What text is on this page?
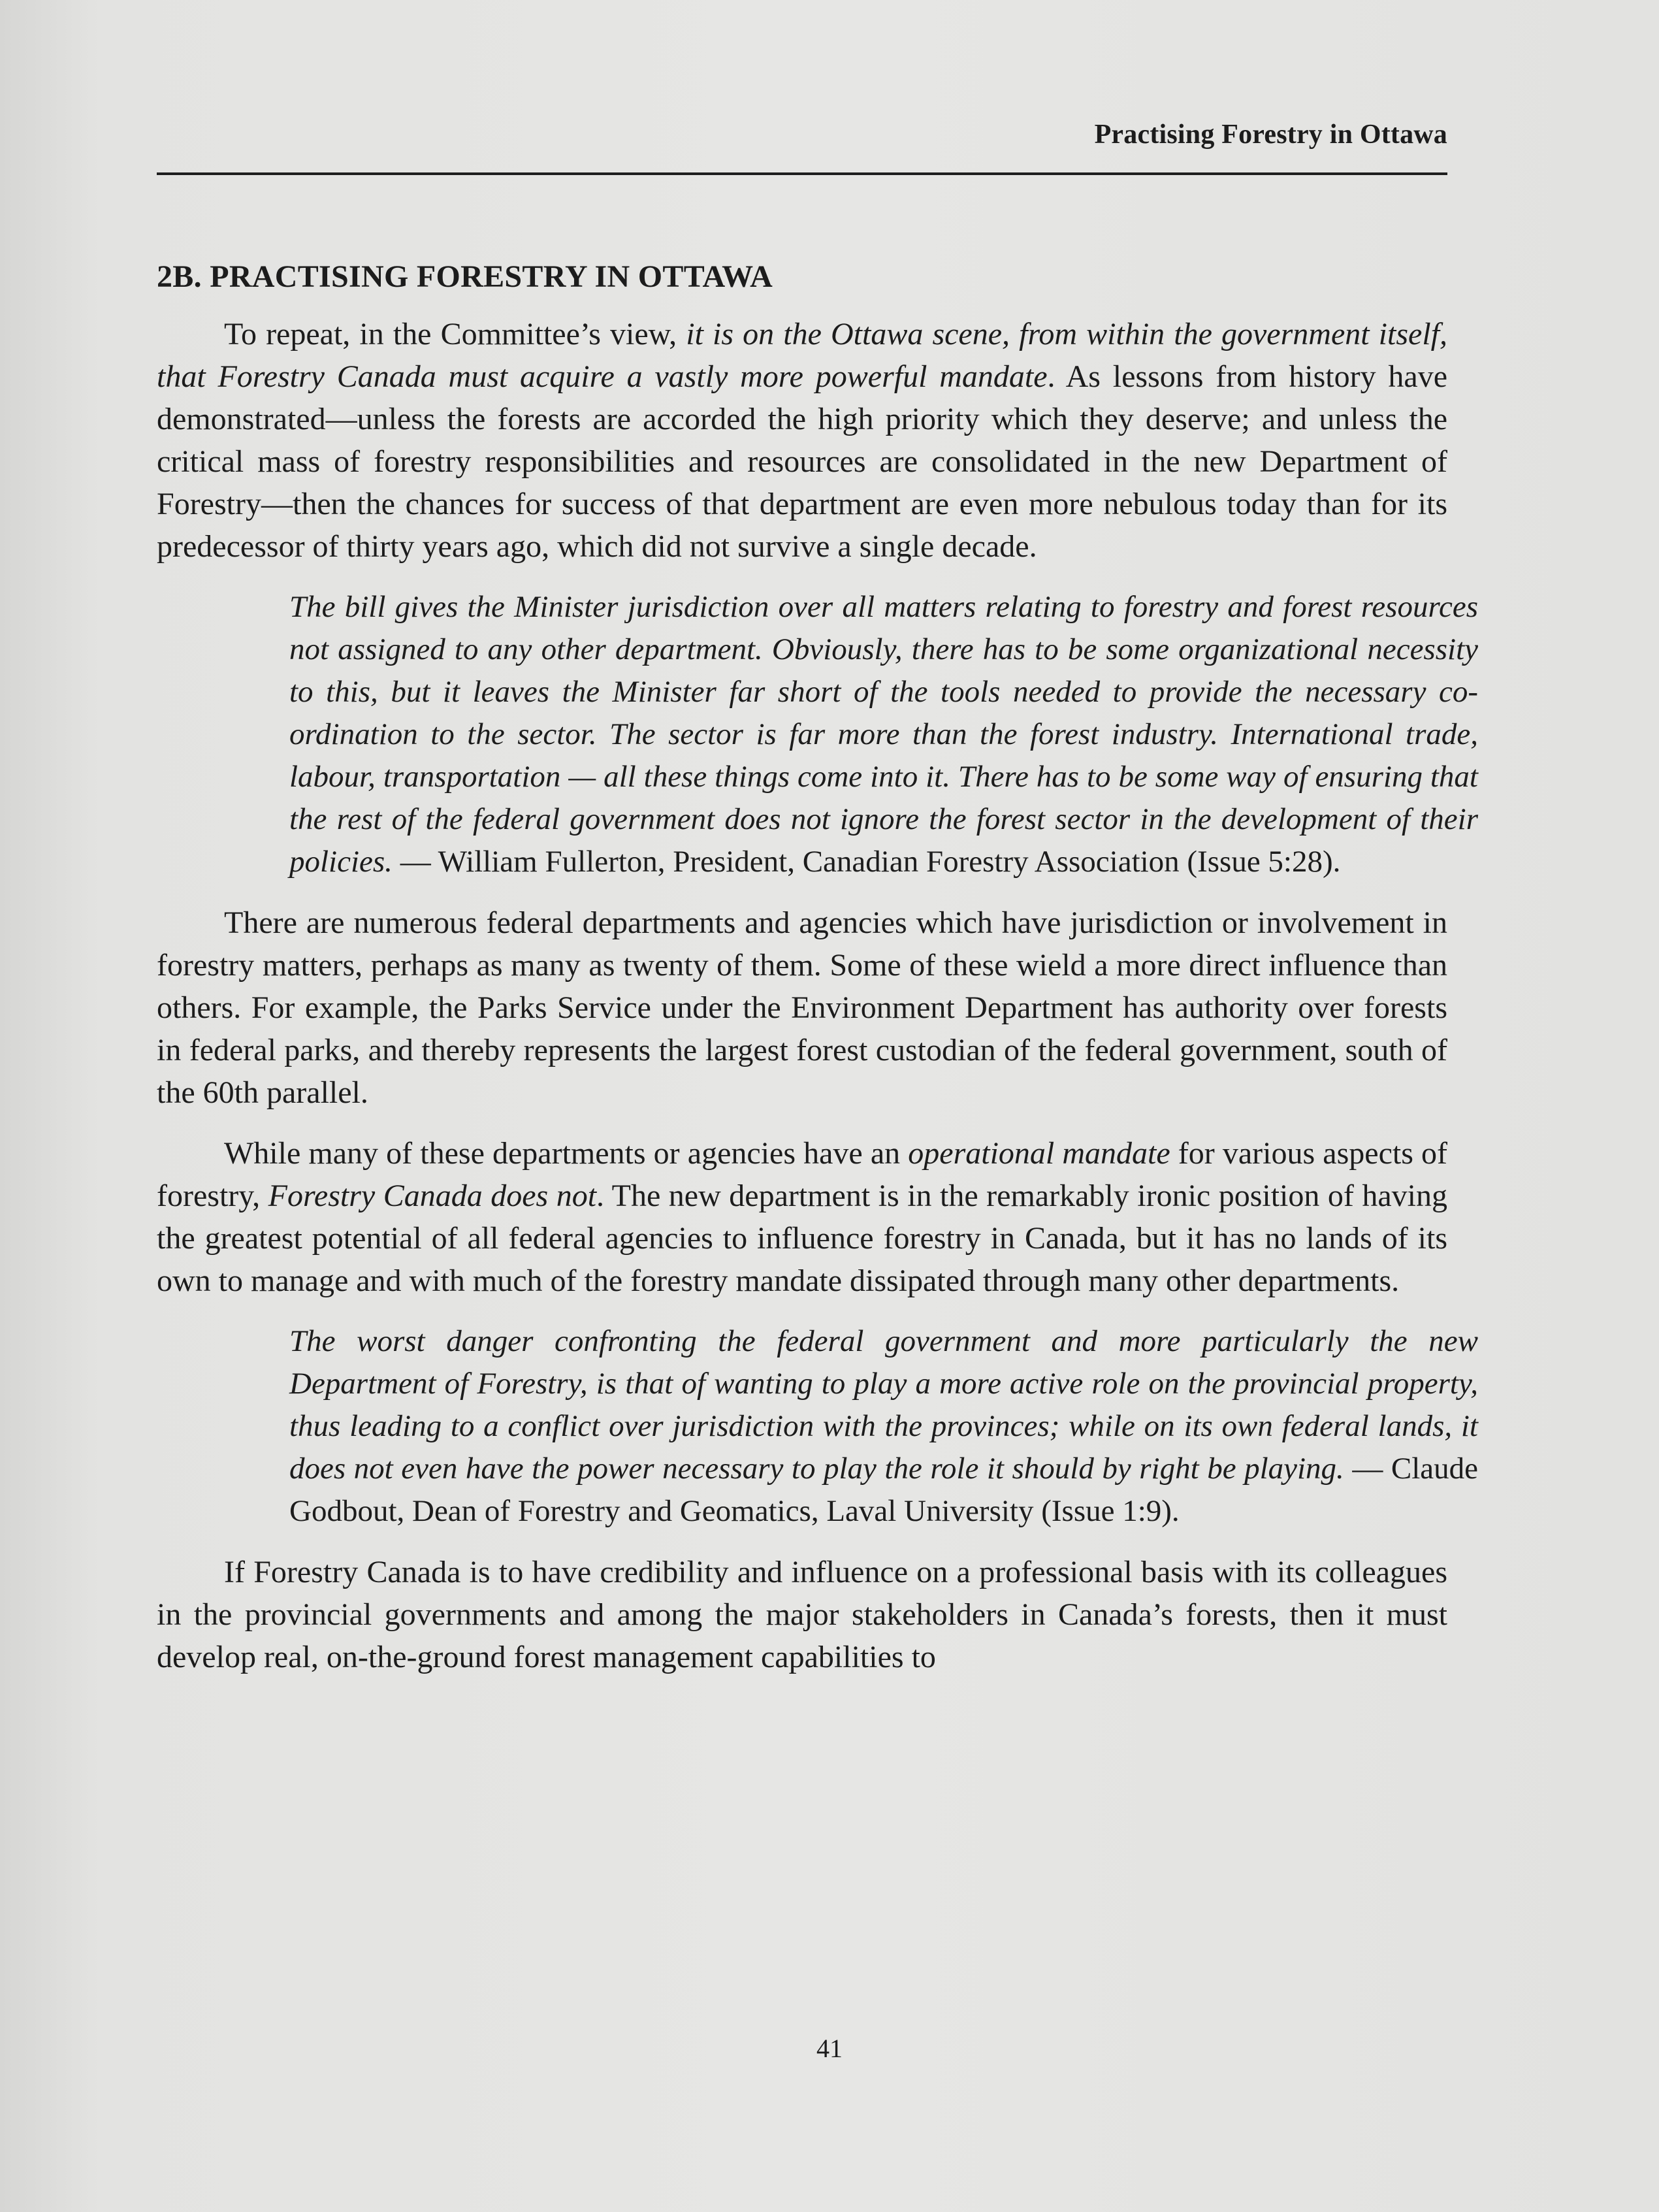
Practising Forestry in Ottawa
2B. PRACTISING FORESTRY IN OTTAWA

To repeat, in the Committee’s view, it is on the Ottawa scene, from within the government itself, that Forestry Canada must acquire a vastly more powerful mandate. As lessons from history have demonstrated—unless the forests are accorded the high priority which they deserve; and unless the critical mass of forestry responsibilities and resources are consolidated in the new Department of Forestry—then the chances for success of that department are even more nebulous today than for its predecessor of thirty years ago, which did not survive a single decade.

The bill gives the Minister jurisdiction over all matters relating to forestry and forest resources not assigned to any other department. Obviously, there has to be some organizational necessity to this, but it leaves the Minister far short of the tools needed to provide the necessary co-ordination to the sector. The sector is far more than the forest industry. International trade, labour, transportation — all these things come into it. There has to be some way of ensuring that the rest of the federal government does not ignore the forest sector in the development of their policies. — William Fullerton, President, Canadian Forestry Association (Issue 5:28).

There are numerous federal departments and agencies which have jurisdiction or involvement in forestry matters, perhaps as many as twenty of them. Some of these wield a more direct influence than others. For example, the Parks Service under the Environment Department has authority over forests in federal parks, and thereby represents the largest forest custodian of the federal government, south of the 60th parallel.

While many of these departments or agencies have an operational mandate for various aspects of forestry, Forestry Canada does not. The new department is in the remarkably ironic position of having the greatest potential of all federal agencies to influence forestry in Canada, but it has no lands of its own to manage and with much of the forestry mandate dissipated through many other departments.

The worst danger confronting the federal government and more particularly the new Department of Forestry, is that of wanting to play a more active role on the provincial property, thus leading to a conflict over jurisdiction with the provinces; while on its own federal lands, it does not even have the power necessary to play the role it should by right be playing. — Claude Godbout, Dean of Forestry and Geomatics, Laval University (Issue 1:9).

If Forestry Canada is to have credibility and influence on a professional basis with its colleagues in the provincial governments and among the major stakeholders in Canada’s forests, then it must develop real, on-the-ground forest management capabilities to

41
